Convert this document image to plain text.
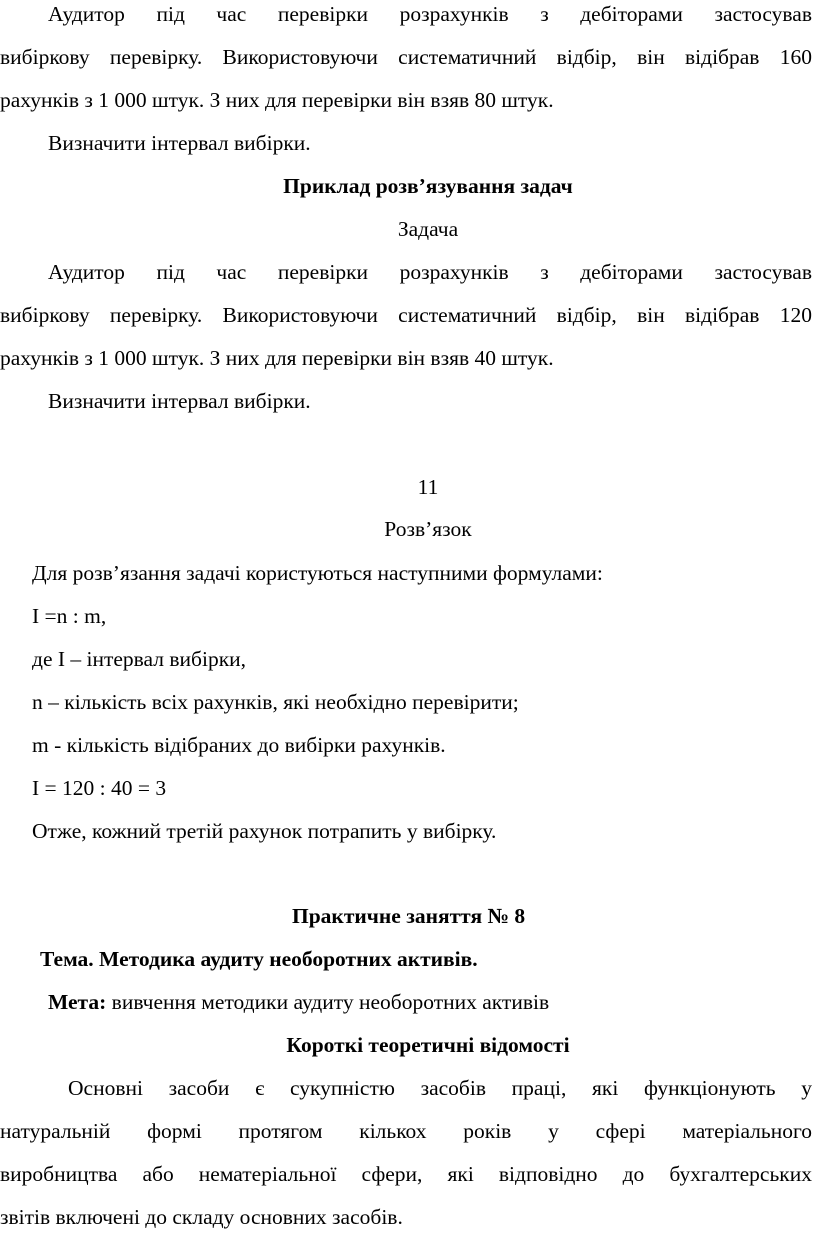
Аудитор під час перевірки розрахунків з дебіторами застосував
вибіркову перевірку. Використовуючи систематичний відбір, він відібрав 160
рахунків з 1 000 штук. З них для перевірки він взяв 80 штук.
Визначити інтервал вибірки.
Приклад розв’язування задач
Задача
Аудитор під час перевірки розрахунків з дебіторами застосував
вибіркову перевірку. Використовуючи систематичний відбір, він відібрав 120
рахунків з 1 000 штук. З них для перевірки він взяв 40 штук.
Визначити інтервал вибірки.
11
Розв’язок
Для розв’язання задачі користуються наступними формулами:
I =n : m,
де I – інтервал вибірки,
n – кількість всіх рахунків, які необхідно перевірити;
m - кількість відібраних до вибірки рахунків.
I = 120 : 40 = 3
Отже, кожний третій рахунок потрапить у вибірку.
Практичне заняття № 8
Тема. Методика аудиту необоротних активів.
Мета: вивчення методики аудиту необоротних активів
Короткі теоретичні відомості
Основні засоби є сукупністю засобів праці, які функціонують у
натуральній формі протягом кількох років у сфері матеріального
виробництва або нематеріальної сфери, які відповідно до бухгалтерських
звітів включені до складу основних засобів.
